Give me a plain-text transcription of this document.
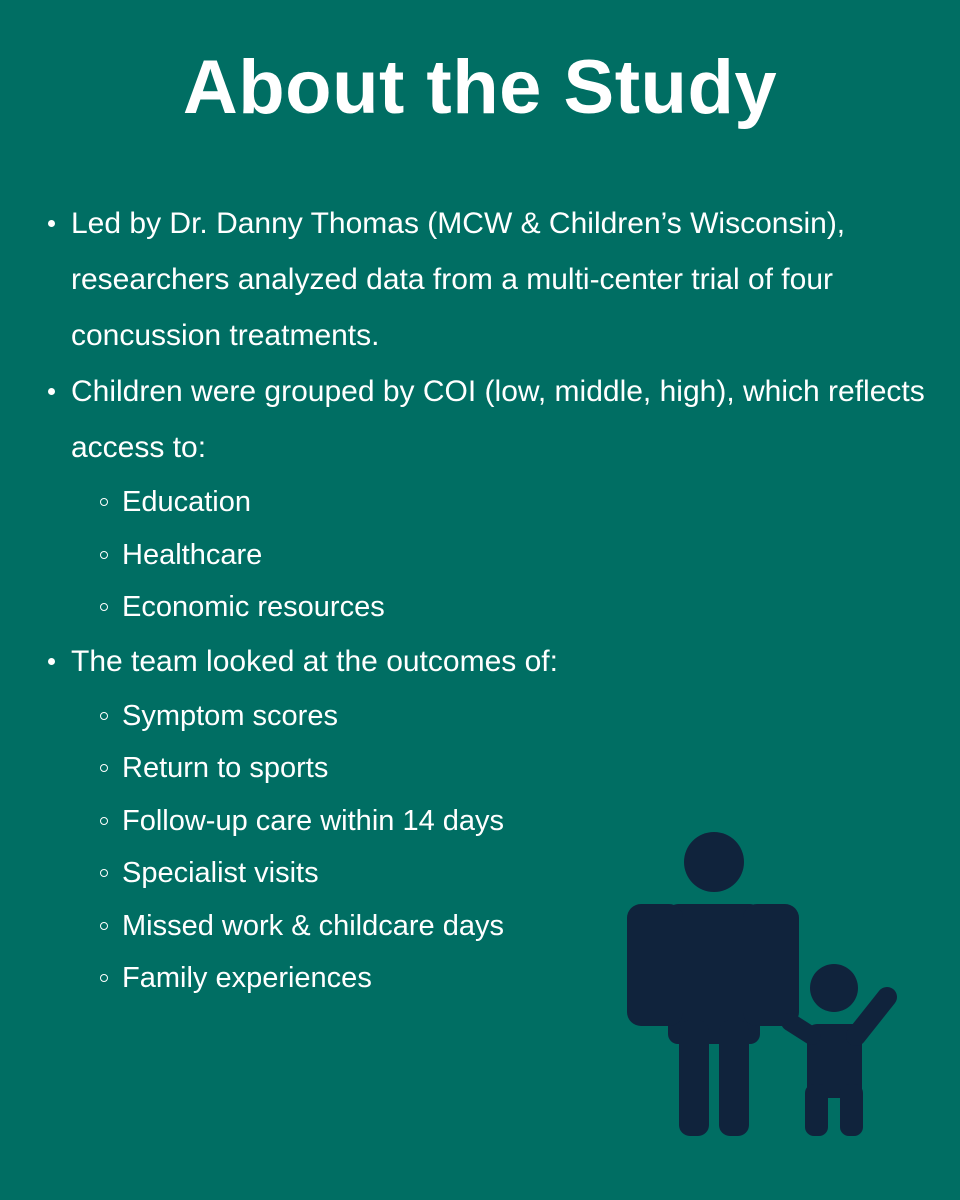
About the Study
Led by Dr. Danny Thomas (MCW & Children’s Wisconsin), researchers analyzed data from a multi-center trial of four concussion treatments.
Children were grouped by COI (low, middle, high), which reflects access to:
Education
Healthcare
Economic resources
The team looked at the outcomes of:
Symptom scores
Return to sports
Follow-up care within 14 days
Specialist visits
Missed work & childcare days
Family experiences
